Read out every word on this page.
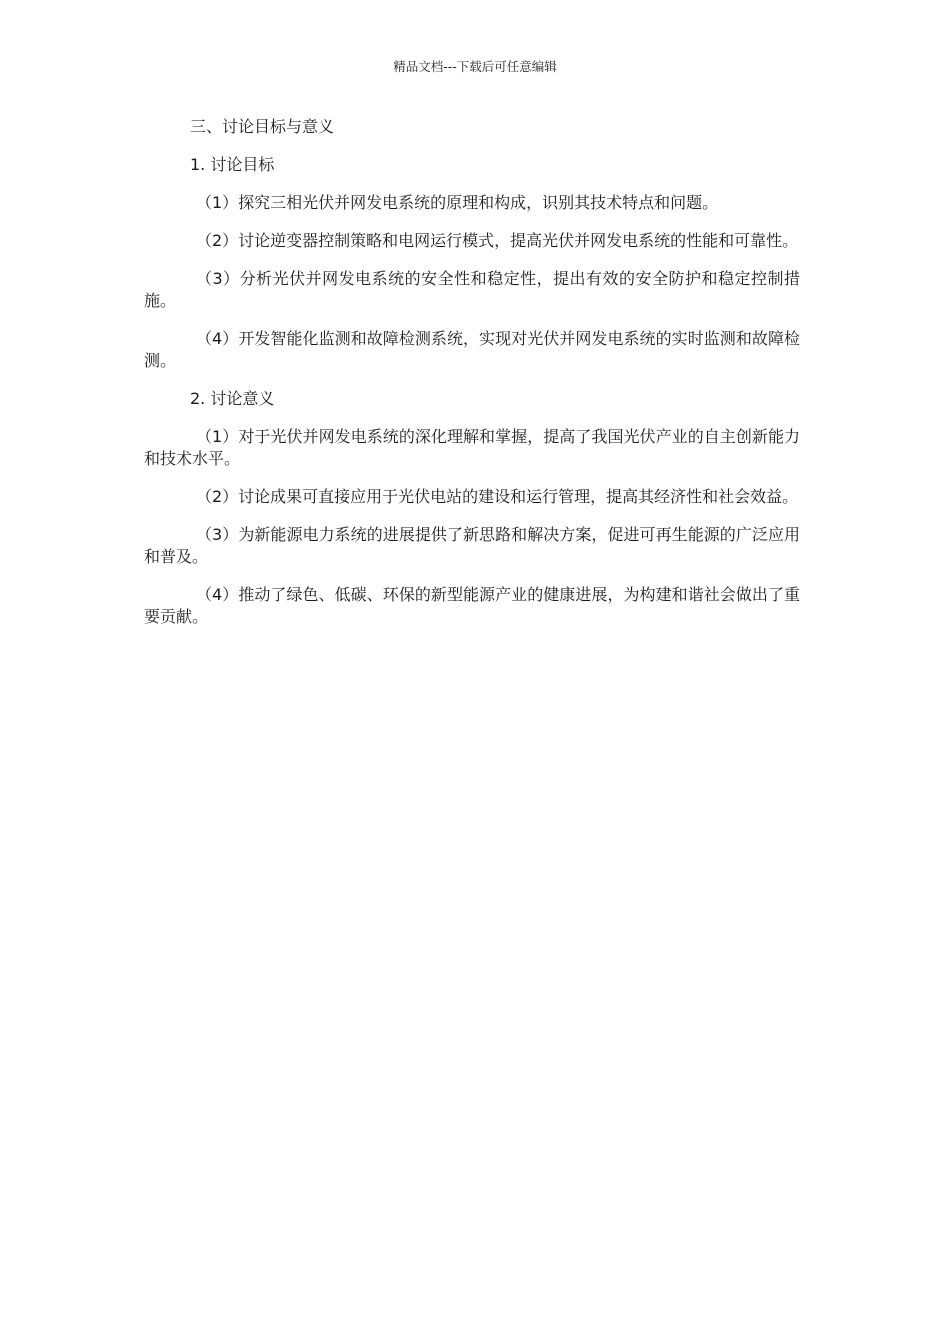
精品文档---下载后可任意编辑

三、讨论目标与意义

1. 讨论目标

（1）探究三相光伏并网发电系统的原理和构成，识别其技术特点和问题。

（2）讨论逆变器控制策略和电网运行模式，提高光伏并网发电系统的性能和可靠性。

（3）分析光伏并网发电系统的安全性和稳定性，提出有效的安全防护和稳定控制措施。

（4）开发智能化监测和故障检测系统，实现对光伏并网发电系统的实时监测和故障检测。

2. 讨论意义

（1）对于光伏并网发电系统的深化理解和掌握，提高了我国光伏产业的自主创新能力和技术水平。

（2）讨论成果可直接应用于光伏电站的建设和运行管理，提高其经济性和社会效益。

（3）为新能源电力系统的进展提供了新思路和解决方案，促进可再生能源的广泛应用和普及。

（4）推动了绿色、低碳、环保的新型能源产业的健康进展，为构建和谐社会做出了重要贡献。
